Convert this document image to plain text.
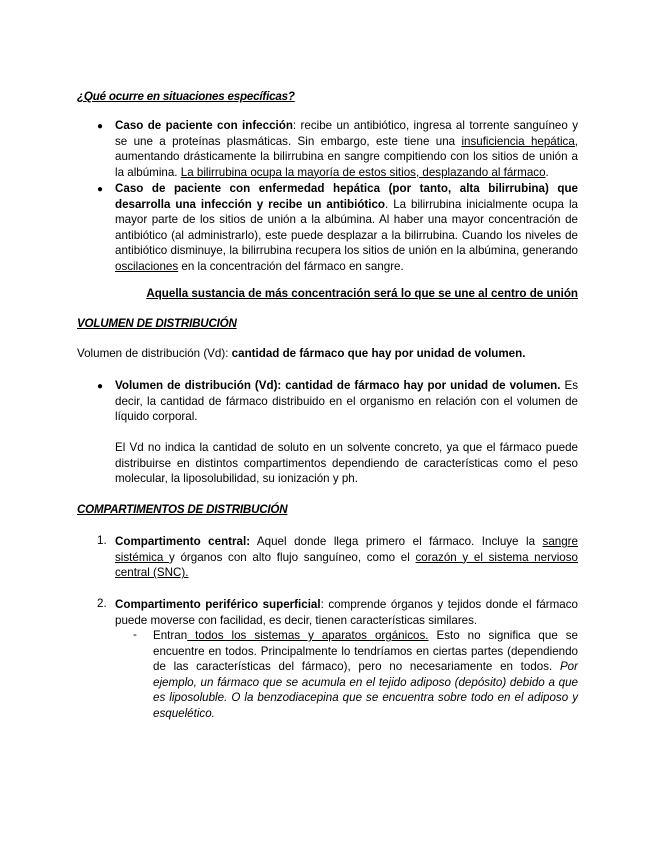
¿Qué ocurre en situaciones específicas?
● Caso de paciente con infección: recibe un antibiótico, ingresa al torrente sanguíneo y se une a proteínas plasmáticas. Sin embargo, este tiene una insuficiencia hepática, aumentando drásticamente la bilirrubina en sangre compitiendo con los sitios de unión a la albúmina. La bilirrubina ocupa la mayoría de estos sitios, desplazando al fármaco.
● Caso de paciente con enfermedad hepática (por tanto, alta bilirrubina) que desarrolla una infección y recibe un antibiótico. La bilirrubina inicialmente ocupa la mayor parte de los sitios de unión a la albúmina. Al haber una mayor concentración de antibiótico (al administrarlo), este puede desplazar a la bilirrubina. Cuando los niveles de antibiótico disminuye, la bilirrubina recupera los sitios de unión en la albúmina, generando oscilaciones en la concentración del fármaco en sangre.
Aquella sustancia de más concentración será lo que se une al centro de unión
VOLUMEN DE DISTRIBUCIÓN
Volumen de distribución (Vd): cantidad de fármaco que hay por unidad de volumen.
● Volumen de distribución (Vd): cantidad de fármaco hay por unidad de volumen. Es decir, la cantidad de fármaco distribuido en el organismo en relación con el volumen de líquido corporal.
El Vd no indica la cantidad de soluto en un solvente concreto, ya que el fármaco puede distribuirse en distintos compartimentos dependiendo de características como el peso molecular, la liposolubilidad, su ionización y ph.
COMPARTIMENTOS DE DISTRIBUCIÓN
1. Compartimento central: Aquel donde llega primero el fármaco. Incluye la sangre sistémica y órganos con alto flujo sanguíneo, como el corazón y el sistema nervioso central (SNC).
2. Compartimento periférico superficial: comprende órganos y tejidos donde el fármaco puede moverse con facilidad, es decir, tienen características similares.
- Entran todos los sistemas y aparatos orgánicos. Esto no significa que se encuentre en todos. Principalmente lo tendríamos en ciertas partes (dependiendo de las características del fármaco), pero no necesariamente en todos. Por ejemplo, un fármaco que se acumula en el tejido adiposo (depósito) debido a que es liposoluble. O la benzodiacepina que se encuentra sobre todo en el adiposo y esquelético.
